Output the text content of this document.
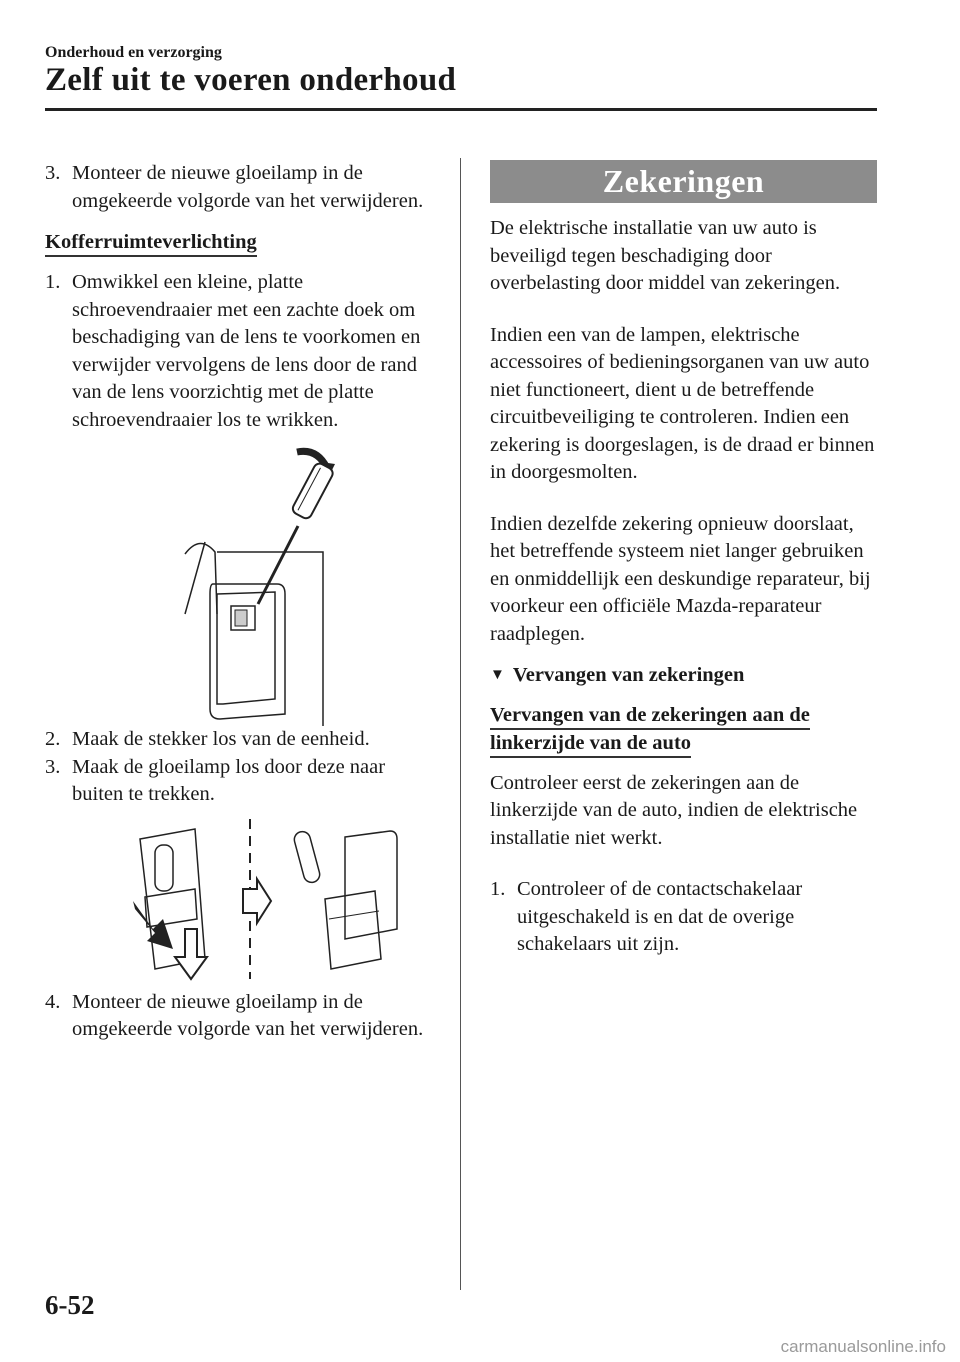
Onderhoud en verzorging
Zelf uit te voeren onderhoud
3. Monteer de nieuwe gloeilamp in de omgekeerde volgorde van het verwijderen.
Kofferruimteverlichting
1. Omwikkel een kleine, platte schroevendraaier met een zachte doek om beschadiging van de lens te voorkomen en verwijder vervolgens de lens door de rand van de lens voorzichtig met de platte schroevendraaier los te wrikken.
2. Maak de stekker los van de eenheid.
3. Maak de gloeilamp los door deze naar buiten te trekken.
4. Monteer de nieuwe gloeilamp in de omgekeerde volgorde van het verwijderen.
Zekeringen

De elektrische installatie van uw auto is beveiligd tegen beschadiging door overbelasting door middel van zekeringen.

Indien een van de lampen, elektrische accessoires of bedieningsorganen van uw auto niet functioneert, dient u de betreffende circuitbeveiliging te controleren. Indien een zekering is doorgeslagen, is de draad er binnen in doorgesmolten.

Indien dezelfde zekering opnieuw doorslaat, het betreffende systeem niet langer gebruiken en onmiddellijk een deskundige reparateur, bij voorkeur een officiële Mazda-reparateur raadplegen.

▼ Vervangen van zekeringen
Vervangen van de zekeringen aan de
linkerzijde van de auto

Controleer eerst de zekeringen aan de linkerzijde van de auto, indien de elektrische installatie niet werkt.

1. Controleer of de contactschakelaar uitgeschakeld is en dat de overige schakelaars uit zijn.
6-52
carmanualsonline.info
